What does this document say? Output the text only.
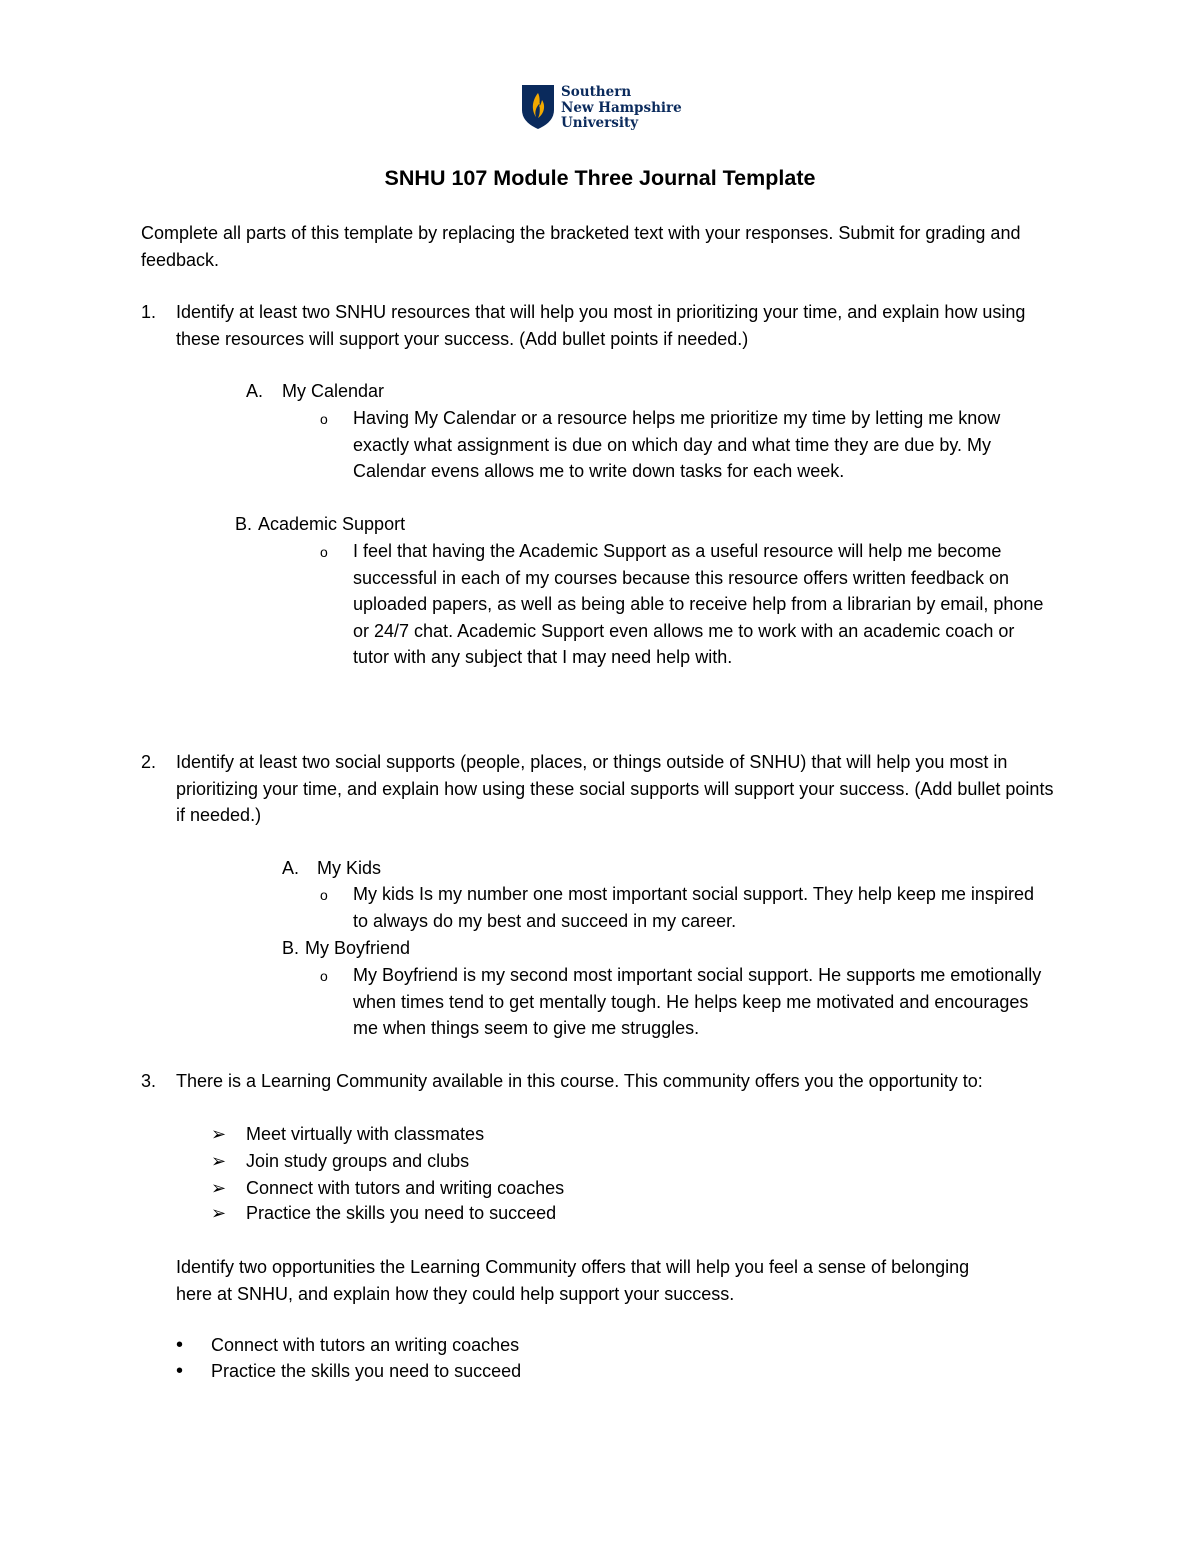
Southern
New Hampshire
University
SNHU 107 Module Three Journal Template
Complete all parts of this template by replacing the bracketed text with your responses. Submit for grading and feedback.
1.	Identify at least two SNHU resources that will help you most in prioritizing your time, and explain how using these resources will support your success. (Add bullet points if needed.)
A. My Calendar
o Having My Calendar or a resource helps me prioritize my time by letting me know exactly what assignment is due on which day and what time they are due by. My Calendar evens allows me to write down tasks for each week.
B. Academic Support
o I feel that having the Academic Support as a useful resource will help me become successful in each of my courses because this resource offers written feedback on uploaded papers, as well as being able to receive help from a librarian by email, phone or 24/7 chat. Academic Support even allows me to work with an academic coach or tutor with any subject that I may need help with.
2.	Identify at least two social supports (people, places, or things outside of SNHU) that will help you most in prioritizing your time, and explain how using these social supports will support your success. (Add bullet points if needed.)
A. My Kids
o My kids Is my number one most important social support. They help keep me inspired to always do my best and succeed in my career.
B. My Boyfriend
o My Boyfriend is my second most important social support. He supports me emotionally when times tend to get mentally tough. He helps keep me motivated and encourages me when things seem to give me struggles.
3.	There is a Learning Community available in this course. This community offers you the opportunity to:
➢ Meet virtually with classmates
➢ Join study groups and clubs
➢ Connect with tutors and writing coaches
➢ Practice the skills you need to succeed
Identify two opportunities the Learning Community offers that will help you feel a sense of belonging here at SNHU, and explain how they could help support your success.
• Connect with tutors an writing coaches
• Practice the skills you need to succeed
